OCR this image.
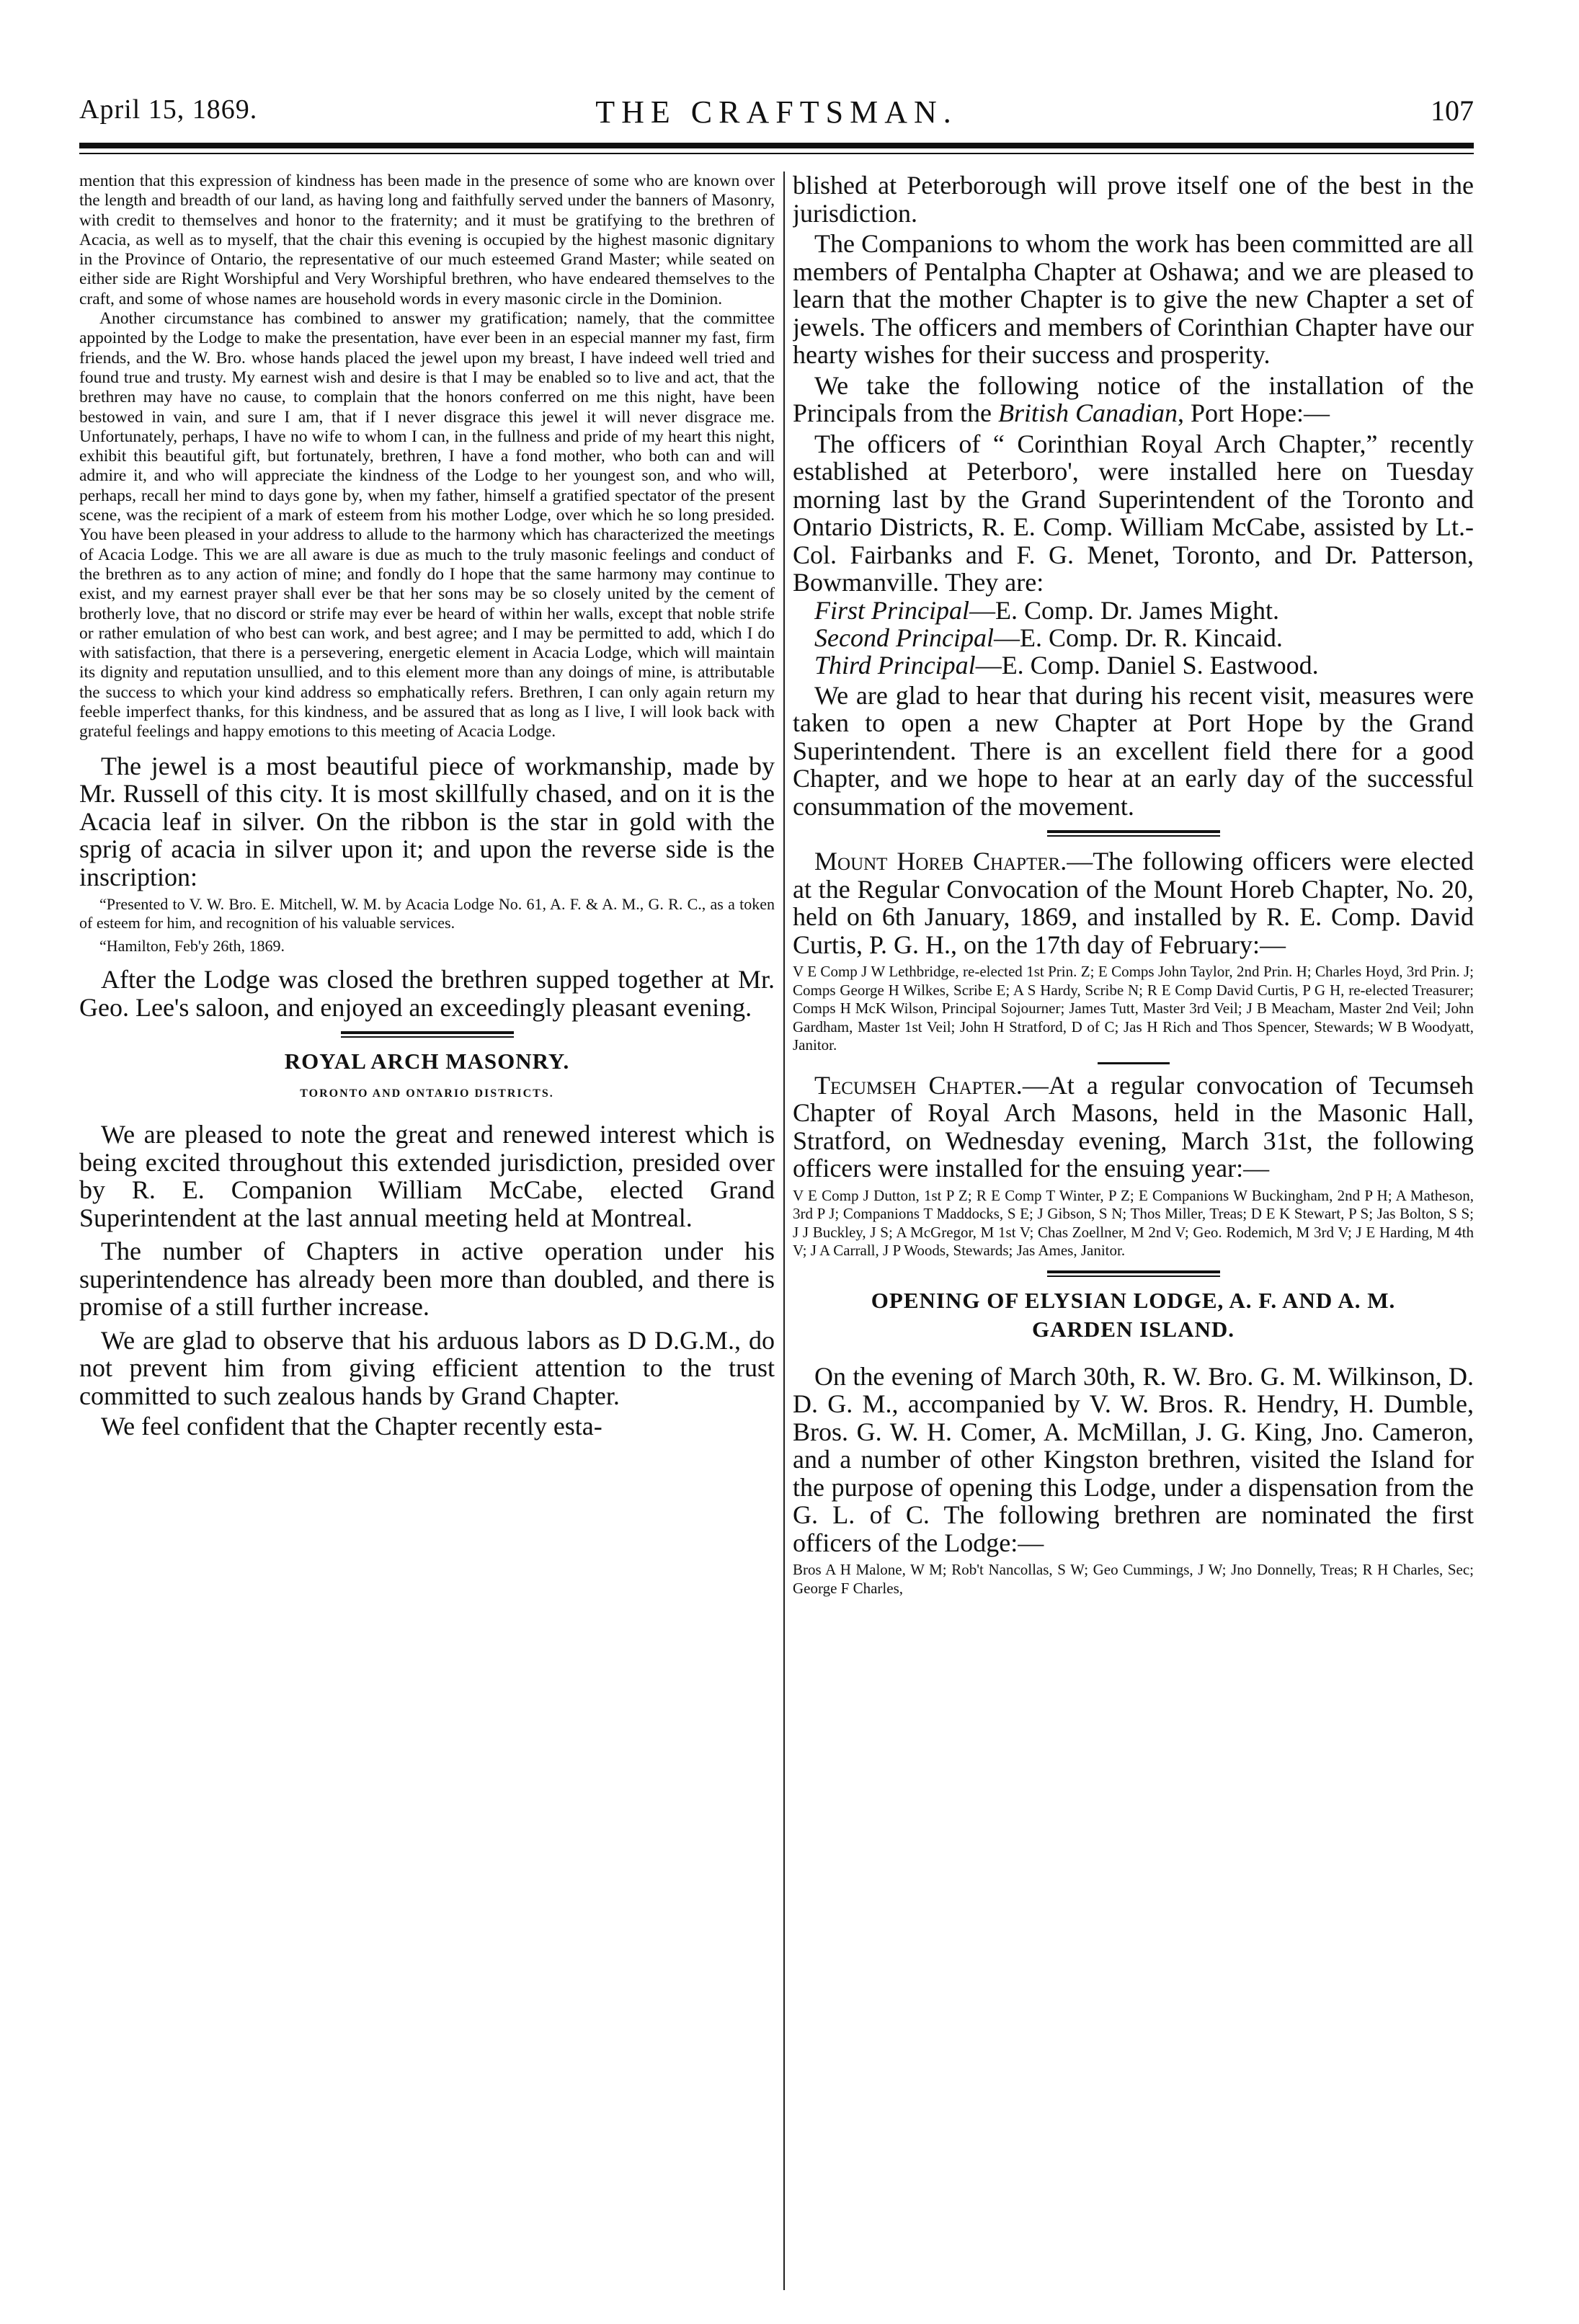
THE CRAFTSMAN.
April 15, 1869.	107

mention that this expression of kindness has been made in the presence of some who are known over the length and breadth of our land, as having long and faithfully served under the banners of Masonry, with credit to themselves and honor to the fraternity; and it must be gratifying to the brethren of Acacia, as well as to myself, that the chair this evening is occupied by the highest masonic dignitary in the Province of Ontario, the representative of our much esteemed Grand Master; while seated on either side are Right Worshipful and Very Worshipful brethren, who have endeared themselves to the craft, and some of whose names are household words in every masonic circle in the Dominion.

Another circumstance has combined to answer my gratification; namely, that the committee appointed by the Lodge to make the presentation, have ever been in an especial manner my fast, firm friends, and the W. Bro. whose hands placed the jewel upon my breast, I have indeed well tried and found true and trusty. My earnest wish and desire is that I may be enabled so to live and act, that the brethren may have no cause, to complain that the honors conferred on me this night, have been bestowed in vain, and sure I am, that if I never disgrace this jewel it will never disgrace me. Unfortunately, perhaps, I have no wife to whom I can, in the fullness and pride of my heart this night, exhibit this beautiful gift, but fortunately, brethren, I have a fond mother, who both can and will admire it, and who will appreciate the kindness of the Lodge to her youngest son, and who will, perhaps, recall her mind to days gone by, when my father, himself a gratified spectator of the present scene, was the recipient of a mark of esteem from his mother Lodge, over which he so long presided. You have been pleased in your address to allude to the harmony which has characterized the meetings of Acacia Lodge. This we are all aware is due as much to the truly masonic feelings and conduct of the brethren as to any action of mine; and fondly do I hope that the same harmony may continue to exist, and my earnest prayer shall ever be that her sons may be so closely united by the cement of brotherly love, that no discord or strife may ever be heard of within her walls, except that noble strife or rather emulation of who best can work, and best agree; and I may be permitted to add, which I do with satisfaction, that there is a persevering, energetic element in Acacia Lodge, which will maintain its dignity and reputation unsullied, and to this element more than any doings of mine, is attributable the success to which your kind address so emphatically refers. Brethren, I can only again return my feeble imperfect thanks, for this kindness, and be assured that as long as I live, I will look back with grateful feelings and happy emotions to this meeting of Acacia Lodge.

The jewel is a most beautiful piece of workmanship, made by Mr. Russell of this city. It is most skillfully chased, and on it is the Acacia leaf in silver. On the ribbon is the star in gold with the sprig of acacia in silver upon it; and upon the reverse side is the inscription:

“Presented to V. W. Bro. E. Mitchell, W. M. by Acacia Lodge No. 61, A. F. & A. M., G. R. C., as a token of esteem for him, and recognition of his valuable services.

“Hamilton, Feb'y 26th, 1869.

After the Lodge was closed the brethren supped together at Mr. Geo. Lee's saloon, and enjoyed an exceedingly pleasant evening.

ROYAL ARCH MASONRY.
TORONTO AND ONTARIO DISTRICTS.

We are pleased to note the great and renewed interest which is being excited throughout this extended jurisdiction, presided over by R. E. Companion William McCabe, elected Grand Superintendent at the last annual meeting held at Montreal.

The number of Chapters in active operation under his superintendence has already been more than doubled, and there is promise of a still further increase.

We are glad to observe that his arduous labors as D D.G.M., do not prevent him from giving efficient attention to the trust committed to such zealous hands by Grand Chapter.

We feel confident that the Chapter recently esta-

blished at Peterborough will prove itself one of the best in the jurisdiction.

The Companions to whom the work has been committed are all members of Pentalpha Chapter at Oshawa; and we are pleased to learn that the mother Chapter is to give the new Chapter a set of jewels. The officers and members of Corinthian Chapter have our hearty wishes for their success and prosperity.

We take the following notice of the installation of the Principals from the British Canadian, Port Hope:—

The officers of “ Corinthian Royal Arch Chapter,” recently established at Peterboro', were installed here on Tuesday morning last by the Grand Superintendent of the Toronto and Ontario Districts, R. E. Comp. William McCabe, assisted by Lt.-Col. Fairbanks and F. G. Menet, Toronto, and Dr. Patterson, Bowmanville. They are:

First Principal—E. Comp. Dr. James Might.

Second Principal—E. Comp. Dr. R. Kincaid.

Third Principal—E. Comp. Daniel S. Eastwood.

We are glad to hear that during his recent visit, measures were taken to open a new Chapter at Port Hope by the Grand Superintendent. There is an excellent field there for a good Chapter, and we hope to hear at an early day of the successful consummation of the movement.

Mount Horeb Chapter.—The following officers were elected at the Regular Convocation of the Mount Horeb Chapter, No. 20, held on 6th January, 1869, and installed by R. E. Comp. David Curtis, P. G. H., on the 17th day of February:—

V E Comp J W Lethbridge, re-elected 1st Prin. Z; E Comps John Taylor, 2nd Prin. H; Charles Hoyd, 3rd Prin. J; Comps George H Wilkes, Scribe E; A S Hardy, Scribe N; R E Comp David Curtis, P G H, re-elected Treasurer; Comps H McK Wilson, Principal Sojourner; James Tutt, Master 3rd Veil; J B Meacham, Master 2nd Veil; John Gardham, Master 1st Veil; John H Stratford, D of C; Jas H Rich and Thos Spencer, Stewards; W B Woodyatt, Janitor.

Tecumseh Chapter.—At a regular convocation of Tecumseh Chapter of Royal Arch Masons, held in the Masonic Hall, Stratford, on Wednesday evening, March 31st, the following officers were installed for the ensuing year:—

V E Comp J Dutton, 1st P Z; R E Comp T Winter, P Z; E Companions W Buckingham, 2nd P H; A Matheson, 3rd P J; Companions T Maddocks, S E; J Gibson, S N; Thos Miller, Treas; D E K Stewart, P S; Jas Bolton, S S; J J Buckley, J S; A McGregor, M 1st V; Chas Zoellner, M 2nd V; Geo. Rodemich, M 3rd V; J E Harding, M 4th V; J A Carrall, J P Woods, Stewards; Jas Ames, Janitor.

OPENING OF ELYSIAN LODGE, A. F. AND A. M.
GARDEN ISLAND.

On the evening of March 30th, R. W. Bro. G. M. Wilkinson, D. D. G. M., accompanied by V. W. Bros. R. Hendry, H. Dumble, Bros. G. W. H. Comer, A. McMillan, J. G. King, Jno. Cameron, and a number of other Kingston brethren, visited the Island for the purpose of opening this Lodge, under a dispensation from the G. L. of C. The following brethren are nominated the first officers of the Lodge:—

Bros A H Malone, W M; Rob't Nancollas, S W; Geo Cummings, J W; Jno Donnelly, Treas; R H Charles, Sec; George F Charles,
